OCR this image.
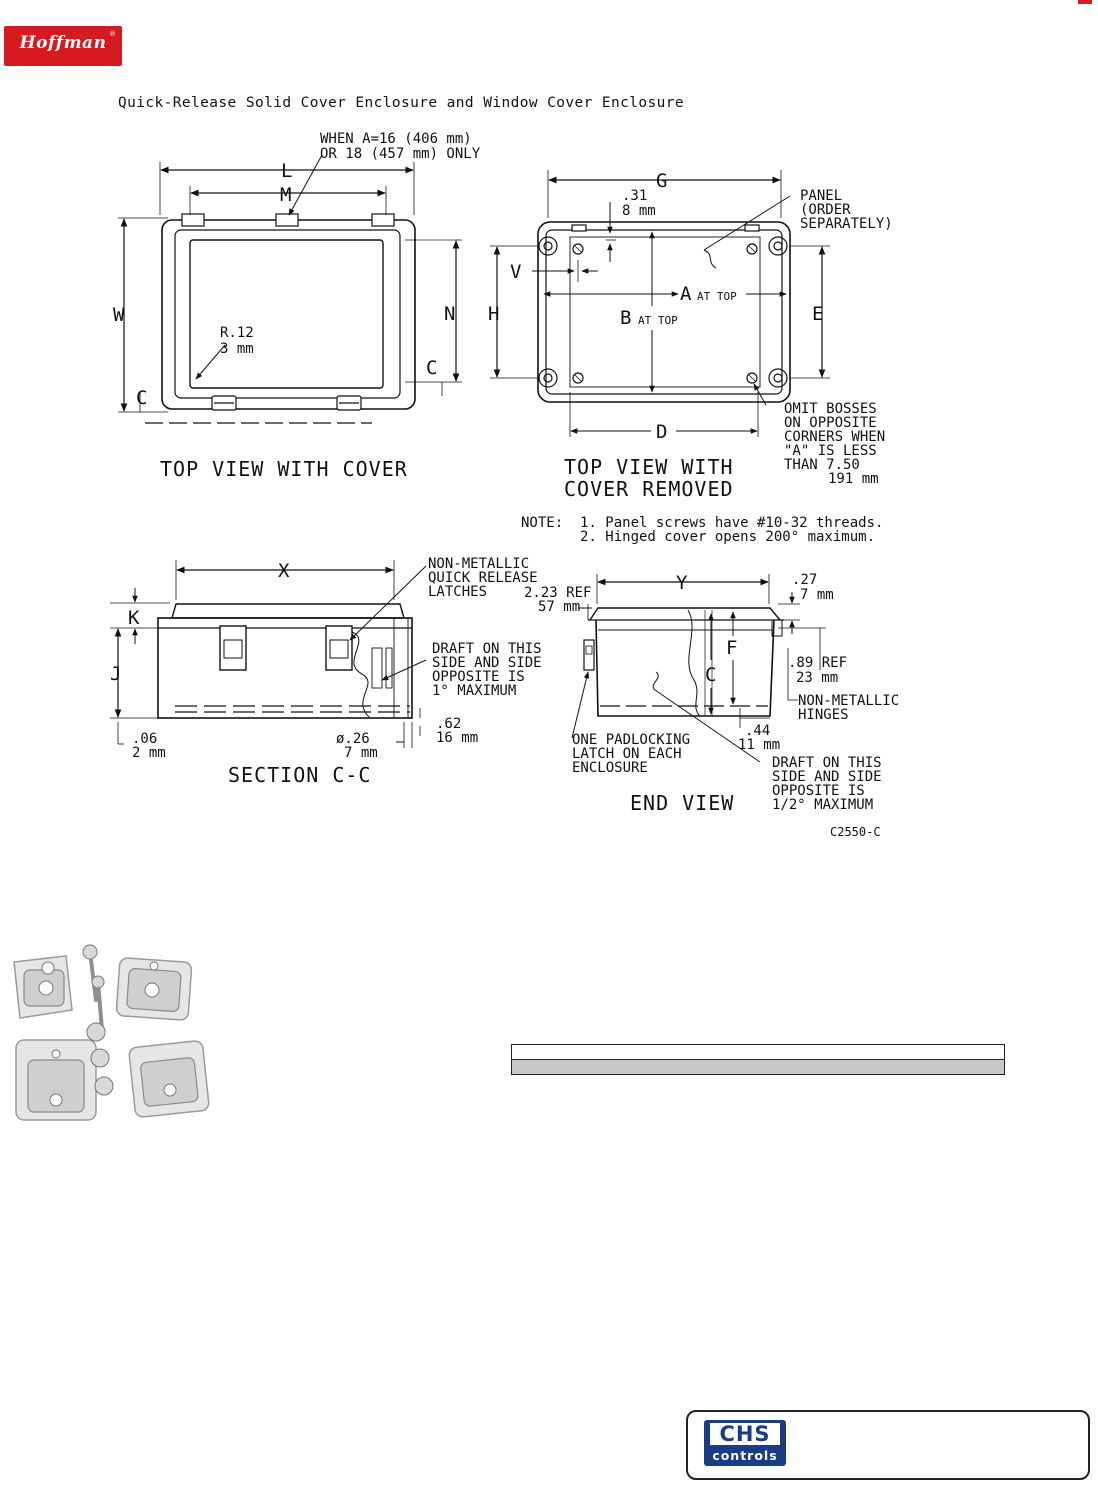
Hoffman ®
Quick-Release Solid Cover Enclosure and Window Cover Enclosure
WHEN A=16 (406 mm)
OR 18 (457 mm) ONLY
R.12
3 mm
.31
8 mm
PANEL
(ORDER
SEPARATELY)
OMIT BOSSES
ON OPPOSITE
CORNERS WHEN
"A" IS LESS
THAN 7.50
191 mm
NOTE: 1. Panel screws have #10-32 threads.
2. Hinged cover opens 200° maximum.
NON-METALLIC
QUICK RELEASE
LATCHES
DRAFT ON THIS
SIDE AND SIDE
OPPOSITE IS
1° MAXIMUM
.06
2 mm
ø.26
7 mm
.62
16 mm
2.23 REF
57 mm
.27
7 mm
.89 REF
23 mm
NON-METALLIC
HINGES
.44
11 mm
ONE PADLOCKING
LATCH ON EACH
ENCLOSURE	DRAFT ON THIS
SIDE AND SIDE
OPPOSITE IS
1/2° MAXIMUM
C2550-C
TOP VIEW WITH COVER	TOP VIEW WITH
COVER REMOVED
SECTION C-C
END VIEW
L
M
W	N
C
C
G
V
A
B
H	E
D
X
K
J
Y
F
C
AT TOP
AT TOP
CHS
controls
